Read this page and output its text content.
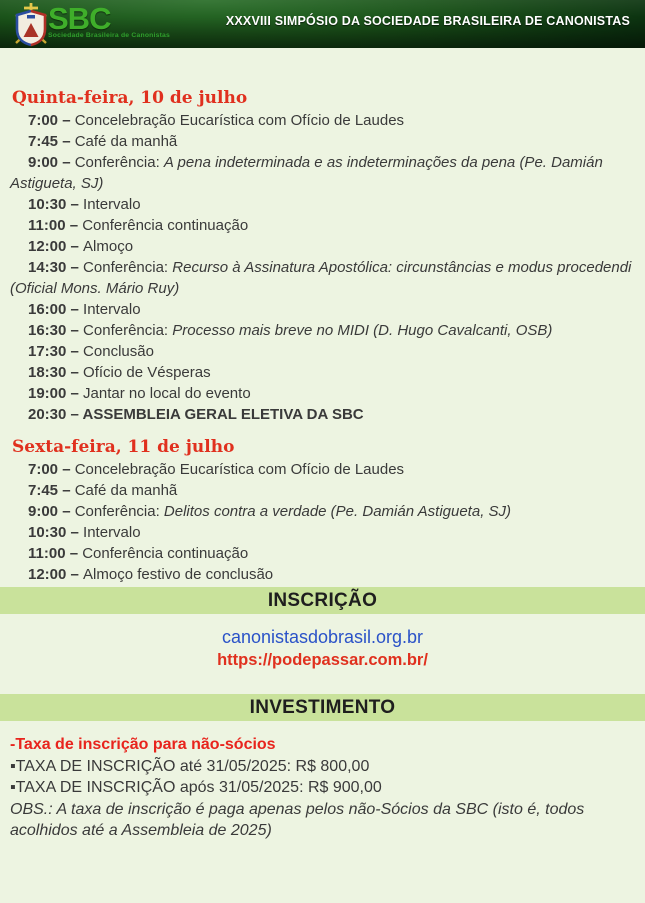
SBC
Sociedade Brasileira de Canonistas
XXXVIII SIMPÓSIO DA SOCIEDADE BRASILEIRA DE CANONISTAS
Quinta-feira, 10 de julho

7:00 – Concelebração Eucarística com Ofício de Laudes

7:45 – Café da manhã

9:00 – Conferência: A pena indeterminada e as indeterminações da pena (Pe. Damián Astigueta, SJ)

10:30 – Intervalo

11:00 – Conferência continuação

12:00 – Almoço

14:30 – Conferência: Recurso à Assinatura Apostólica: circunstâncias e modus procedendi (Oficial Mons. Mário Ruy)

16:00 – Intervalo

16:30 – Conferência: Processo mais breve no MIDI (D. Hugo Cavalcanti, OSB)

17:30 – Conclusão

18:30 – Ofício de Vésperas

19:00 – Jantar no local do evento

20:30 – ASSEMBLEIA GERAL ELETIVA DA SBC

Sexta-feira, 11 de julho

7:00 – Concelebração Eucarística com Ofício de Laudes

7:45 – Café da manhã

9:00 – Conferência: Delitos contra a verdade (Pe. Damián Astigueta, SJ)

10:30 – Intervalo

11:00 – Conferência continuação

12:00 – Almoço festivo de conclusão

INSCRIÇÃO
canonistasdobrasil.org.br
https://podepassar.com.br/
INVESTIMENTO

-Taxa de inscrição para não-sócios

▪TAXA DE INSCRIÇÃO até 31/05/2025: R$ 800,00

▪TAXA DE INSCRIÇÃO após 31/05/2025: R$ 900,00

OBS.: A taxa de inscrição é paga apenas pelos não-Sócios da SBC (isto é, todos acolhidos até a Assembleia de 2025)
